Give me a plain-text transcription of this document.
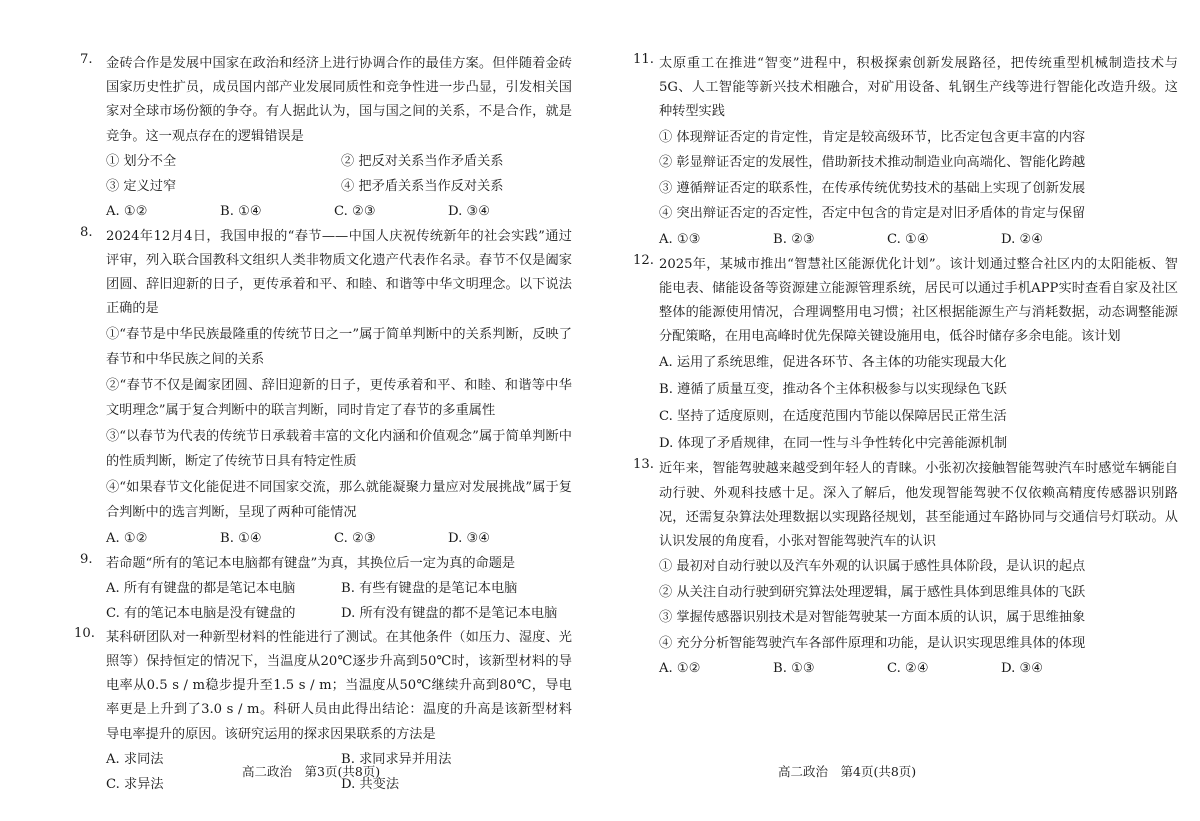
7. 金砖合作是发展中国家在政治和经济上进行协调合作的最佳方案。但伴随着金砖国家历史性扩员，成员国内部产业发展同质性和竞争性进一步凸显，引发相关国家对全球市场份额的争夺。有人据此认为，国与国之间的关系，不是合作，就是竞争。这一观点存在的逻辑错误是
① 划分不全	② 把反对关系当作矛盾关系
③ 定义过窄	④ 把矛盾关系当作反对关系
A. ①②	B. ①④	C. ②③	D. ③④
8. 2024年12月4日，我国申报的“春节——中国人庆祝传统新年的社会实践”通过评审，列入联合国教科文组织人类非物质文化遗产代表作名录。春节不仅是阖家团圆、辞旧迎新的日子，更传承着和平、和睦、和谐等中华文明理念。以下说法正确的是
①“春节是中华民族最隆重的传统节日之一”属于简单判断中的关系判断，反映了春节和中华民族之间的关系
②“春节不仅是阖家团圆、辞旧迎新的日子，更传承着和平、和睦、和谐等中华文明理念”属于复合判断中的联言判断，同时肯定了春节的多重属性
③“以春节为代表的传统节日承载着丰富的文化内涵和价值观念”属于简单判断中的性质判断，断定了传统节日具有特定性质
④“如果春节文化能促进不同国家交流，那么就能凝聚力量应对发展挑战”属于复合判断中的选言判断，呈现了两种可能情况
A. ①②	B. ①④	C. ②③	D. ③④
9. 若命题“所有的笔记本电脑都有键盘”为真，其换位后一定为真的命题是
A. 所有有键盘的都是笔记本电脑	B. 有些有键盘的是笔记本电脑
C. 有的笔记本电脑是没有键盘的	D. 所有没有键盘的都不是笔记本电脑
10. 某科研团队对一种新型材料的性能进行了测试。在其他条件（如压力、湿度、光照等）保持恒定的情况下，当温度从20℃逐步升高到50℃时，该新型材料的导电率从0.5 s / m稳步提升至1.5 s / m；当温度从50℃继续升高到80℃，导电率更是上升到了3.0 s / m。科研人员由此得出结论：温度的升高是该新型材料导电率提升的原因。该研究运用的探求因果联系的方法是
A. 求同法	B. 求同求异并用法
C. 求异法	D. 共变法
高二政治　第3页(共8页)
11. 太原重工在推进“智变”进程中，积极探索创新发展路径，把传统重型机械制造技术与5G、人工智能等新兴技术相融合，对矿用设备、轧钢生产线等进行智能化改造升级。这种转型实践
① 体现辩证否定的肯定性，肯定是较高级环节，比否定包含更丰富的内容
② 彰显辩证否定的发展性，借助新技术推动制造业向高端化、智能化跨越
③ 遵循辩证否定的联系性，在传承传统优势技术的基础上实现了创新发展
④ 突出辩证否定的否定性，否定中包含的肯定是对旧矛盾体的肯定与保留
A. ①③	B. ②③	C. ①④	D. ②④
12. 2025年，某城市推出“智慧社区能源优化计划”。该计划通过整合社区内的太阳能板、智能电表、储能设备等资源建立能源管理系统，居民可以通过手机APP实时查看自家及社区整体的能源使用情况，合理调整用电习惯；社区根据能源生产与消耗数据，动态调整能源分配策略，在用电高峰时优先保障关键设施用电，低谷时储存多余电能。该计划
A. 运用了系统思维，促进各环节、各主体的功能实现最大化
B. 遵循了质量互变，推动各个主体积极参与以实现绿色飞跃
C. 坚持了适度原则，在适度范围内节能以保障居民正常生活
D. 体现了矛盾规律，在同一性与斗争性转化中完善能源机制
13. 近年来，智能驾驶越来越受到年轻人的青睐。小张初次接触智能驾驶汽车时感觉车辆能自动行驶、外观科技感十足。深入了解后，他发现智能驾驶不仅依赖高精度传感器识别路况，还需复杂算法处理数据以实现路径规划，甚至能通过车路协同与交通信号灯联动。从认识发展的角度看，小张对智能驾驶汽车的认识
① 最初对自动行驶以及汽车外观的认识属于感性具体阶段，是认识的起点
② 从关注自动行驶到研究算法处理逻辑，属于感性具体到思维具体的飞跃
③ 掌握传感器识别技术是对智能驾驶某一方面本质的认识，属于思维抽象
④ 充分分析智能驾驶汽车各部件原理和功能，是认识实现思维具体的体现
A. ①②	B. ①③	C. ②④	D. ③④
高二政治　第4页(共8页)
